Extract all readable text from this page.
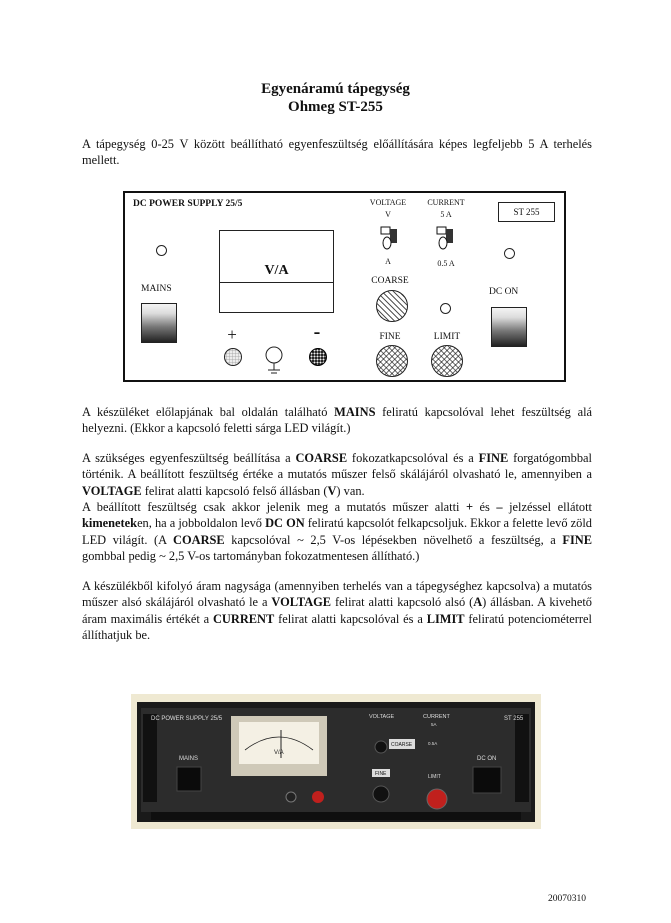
Egyenáramú tápegység
Ohmeg ST-255
A tápegység 0-25 V között beállítható egyenfeszültség előállítására képes legfeljebb 5 A terhelés mellett.
DC POWER SUPPLY 25/5
ST 255
VOLTAGE
V
CURRENT
5 A
A	0.5 A
V/A
MAINS	DC ON
COARSE
FINE	LIMIT
+	-
A készüléket előlapjának bal oldalán található MAINS feliratú kapcsolóval lehet feszültség alá helyezni. (Ekkor a kapcsoló feletti sárga LED világít.)
A szükséges egyenfeszültség beállítása a COARSE fokozatkapcsolóval és a FINE forgatógombbal történik. A beállított feszültség értéke a mutatós műszer felső skálájáról olvasható le, amennyiben a VOLTAGE felirat alatti kapcsoló felső állásban (V) van.
A beállított feszültség csak akkor jelenik meg a mutatós műszer alatti + és – jelzéssel ellátott kimeneteken, ha a jobboldalon levő DC ON feliratú kapcsolót felkapcsoljuk. Ekkor a felette levő zöld LED világít. (A COARSE kapcsolóval ~ 2,5 V-os lépésekben növelhető a feszültség, a FINE gombbal pedig ~ 2,5 V-os tartományban fokozatmentesen állítható.)
A készülékből kifolyó áram nagysága (amennyiben terhelés van a tápegységhez kapcsolva) a mutatós műszer alsó skálájáról olvasható le a VOLTAGE felirat alatti kapcsoló alsó (A) állásban. A kivehető áram maximális értékét a CURRENT felirat alatti kapcsolóval és a LIMIT feliratú potenciométerrel állíthatjuk be.
DC POWER SUPPLY 25/5	ST 255
V/A
VOLTAGE	CURRENT
5A
0.5A
COARSE
FINE	LIMIT
MAINS	DC ON
20070310
